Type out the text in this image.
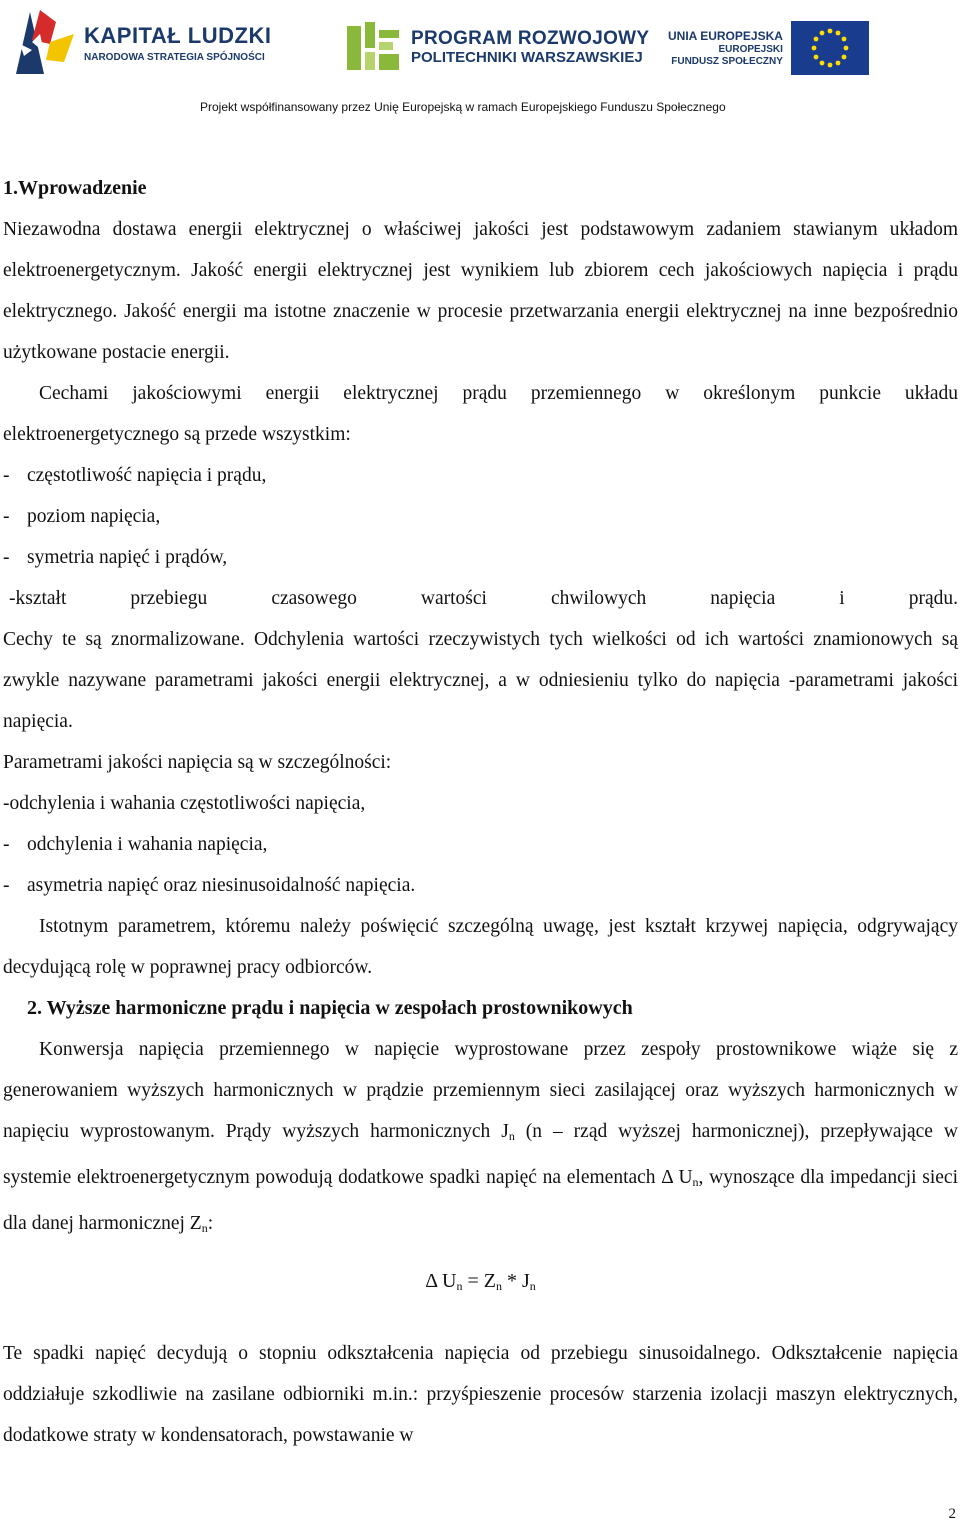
KAPITAŁ LUDZKI
NARODOWA STRATEGIA SPÓJNOŚCI
PROGRAM ROZWOJOWY
POLITECHNIKI WARSZAWSKIEJ
UNIA EUROPEJSKA
EUROPEJSKI
FUNDUSZ SPOŁECZNY
Projekt współfinansowany przez Unię Europejską w ramach Europejskiego Funduszu Społecznego
1.Wprowadzenie

Niezawodna dostawa energii elektrycznej o właściwej jakości jest podstawowym zadaniem stawianym układom elektroenergetycznym. Jakość energii elektrycznej jest wynikiem lub zbiorem cech jakościowych napięcia i prądu elektrycznego. Jakość energii ma istotne znaczenie w procesie przetwarzania energii elektrycznej na inne bezpośrednio użytkowane postacie energii.

Cechami jakościowymi energii elektrycznej prądu przemiennego w określonym punkcie układu elektroenergetycznego są przede wszystkim:

- częstotliwość napięcia i prądu,
- poziom napięcia,
- symetria napięć i prądów,

-kształt przebiegu czasowego wartości chwilowych napięcia i prądu.

Cechy te są znormalizowane. Odchylenia wartości rzeczywistych tych wielkości od ich wartości znamionowych są zwykle nazywane parametrami jakości energii elektrycznej, a w odniesieniu tylko do napięcia -parametrami jakości napięcia.

Parametrami jakości napięcia są w szczególności:

-odchylenia i wahania częstotliwości napięcia,

- odchylenia i wahania napięcia,
- asymetria napięć oraz niesinusoidalność napięcia.

Istotnym parametrem, któremu należy poświęcić szczególną uwagę, jest kształt krzywej napięcia, odgrywający decydującą rolę w poprawnej pracy odbiorców.

2. Wyższe harmoniczne prądu i napięcia w zespołach prostownikowych

Konwersja napięcia przemiennego w napięcie wyprostowane przez zespoły prostownikowe wiąże się z generowaniem wyższych harmonicznych w prądzie przemiennym sieci zasilającej oraz wyższych harmonicznych w napięciu wyprostowanym. Prądy wyższych harmonicznych $J_n$ (n – rząd wyższej harmonicznej), przepływające w systemie elektroenergetycznym powodują dodatkowe spadki napięć na elementach Δ $U_n$, wynoszące dla impedancji sieci dla danej harmonicznej $Z_n$:

Δ $U_n = Z_n * J_n$

Te spadki napięć decydują o stopniu odkształcenia napięcia od przebiegu sinusoidalnego. Odkształcenie napięcia oddziałuje szkodliwie na zasilane odbiorniki m.in.: przyśpieszenie procesów starzenia izolacji maszyn elektrycznych, dodatkowe straty w kondensatorach, powstawanie w

2
